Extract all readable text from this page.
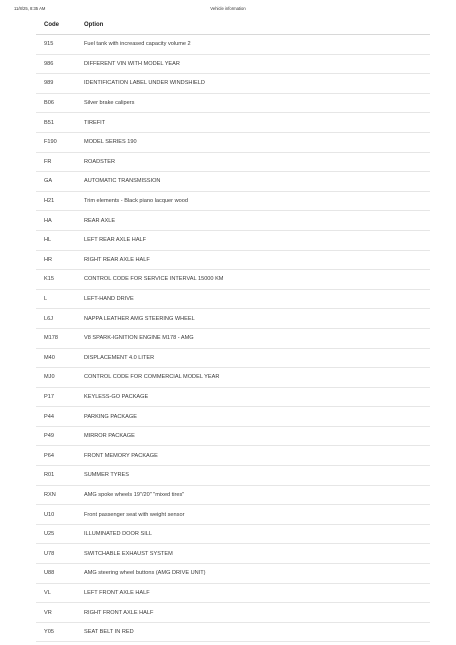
11/8/25, 8:35 AM	Vehicle information
Code	Option
915	Fuel tank with increased capacity volume 2
986	DIFFERENT VIN WITH MODEL YEAR
989	IDENTIFICATION LABEL UNDER WINDSHIELD
B06	Silver brake calipers
B51	TIREFIT
F190	MODEL SERIES 190
FR	ROADSTER
GA	AUTOMATIC TRANSMISSION
H21	Trim elements - Black piano lacquer wood
HA	REAR AXLE
HL	LEFT REAR AXLE HALF
HR	RIGHT REAR AXLE HALF
K15	CONTROL CODE FOR SERVICE INTERVAL 15000 KM
L	LEFT-HAND DRIVE
L6J	NAPPA LEATHER AMG STEERING WHEEL
M178	V8 SPARK-IGNITION ENGINE M178 - AMG
M40	DISPLACEMENT 4.0 LITER
MJ0	CONTROL CODE FOR COMMERCIAL MODEL YEAR
P17	KEYLESS-GO PACKAGE
P44	PARKING PACKAGE
P49	MIRROR PACKAGE
P64	FRONT MEMORY PACKAGE
R01	SUMMER TYRES
RXN	AMG spoke wheels 19"/20" "mixed tires"
U10	Front passenger seat with weight sensor
U25	ILLUMINATED DOOR SILL
U78	SWITCHABLE EXHAUST SYSTEM
U88	AMG steering wheel buttons (AMG DRIVE UNIT)
VL	LEFT FRONT AXLE HALF
VR	RIGHT FRONT AXLE HALF
Y05	SEAT BELT IN RED
